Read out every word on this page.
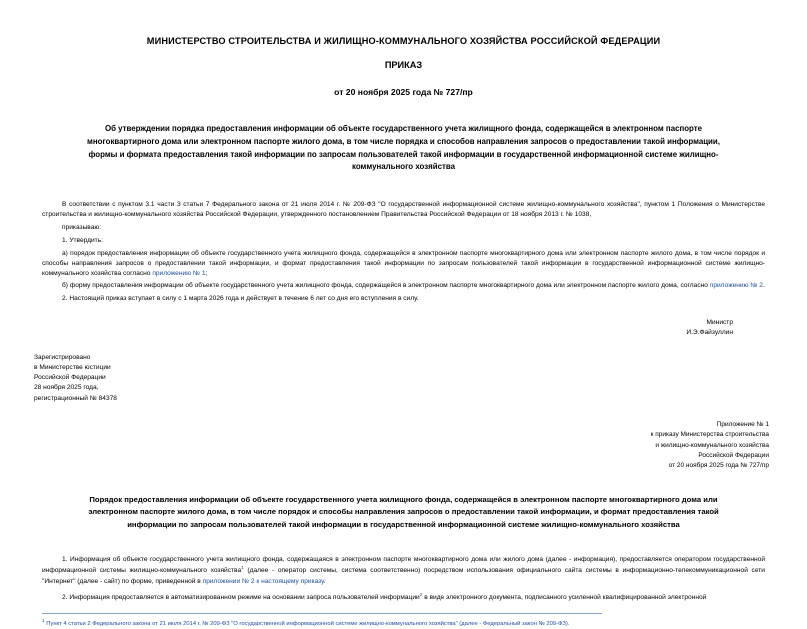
МИНИСТЕРСТВО СТРОИТЕЛЬСТВА И ЖИЛИЩНО-КОММУНАЛЬНОГО ХОЗЯЙСТВА РОССИЙСКОЙ ФЕДЕРАЦИИ
ПРИКАЗ
от 20 ноября 2025 года № 727/пр
Об утверждении порядка предоставления информации об объекте государственного учета жилищного фонда, содержащейся в электронном паспорте многоквартирного дома или электронном паспорте жилого дома, в том числе порядка и способов направления запросов о предоставлении такой информации, формы и формата предоставления такой информации по запросам пользователей такой информации в государственной информационной системе жилищно-коммунального хозяйства

В соответствии с пунктом 3.1 части 3 статьи 7 Федерального закона от 21 июля 2014 г. № 209-ФЗ "О государственной информационной системе жилищно-коммунального хозяйства", пунктом 1 Положения о Министерстве строительства и жилищно-коммунального хозяйства Российской Федерации, утвержденного постановлением Правительства Российской Федерации от 18 ноября 2013 г. № 1038,

приказываю:

1. Утвердить:

а) порядок предоставления информации об объекте государственного учета жилищного фонда, содержащейся в электронном паспорте многоквартирного дома или электронном паспорте жилого дома, в том числе порядок и способы направления запросов о предоставлении такой информации, и формат предоставления такой информации по запросам пользователей такой информации в государственной информационной системе жилищно-коммунального хозяйства согласно приложению № 1;

б) форму предоставления информации об объекте государственного учета жилищного фонда, содержащейся в электронном паспорте многоквартирного дома или электронном паспорте жилого дома, согласно приложению № 2.

2. Настоящий приказ вступает в силу с 1 марта 2026 года и действует в течение 6 лет со дня его вступления в силу.

Министр
И.Э.Файзуллин
Зарегистрировано
в Министерстве юстиции
Российской Федерации
28 ноября 2025 года,
регистрационный № 84378
Приложение № 1
к приказу Министерства строительства
и жилищно-коммунального хозяйства
Российской Федерации
от 20 ноября 2025 года № 727/пр
Порядок предоставления информации об объекте государственного учета жилищного фонда, содержащейся в электронном паспорте многоквартирного дома или электронном паспорте жилого дома, в том числе порядок и способы направления запросов о предоставлении такой информации, и формат предоставления такой информации по запросам пользователей такой информации в государственной информационной системе жилищно-коммунального хозяйства

1. Информация об объекте государственного учета жилищного фонда, содержащаяся в электронном паспорте многоквартирного дома или жилого дома (далее - информация), предоставляется оператором государственной информационной системы жилищно-коммунального хозяйства$^1$ (далее - оператор системы, система соответственно) посредством использования официального сайта системы в информационно-телекоммуникационной сети "Интернет" (далее - сайт) по форме, приведенной в приложении № 2 к настоящему приказу.

2. Информация предоставляется в автоматизированном режиме на основании запроса пользователей информации$^2$ в виде электронного документа, подписанного усиленной квалифицированной электронной

$^1$ Пункт 4 статьи 2 Федерального закона от 21 июля 2014 г. № 209-ФЗ "О государственной информационной системе жилищно-коммунального хозяйства" (далее - Федеральный закон № 209-ФЗ).
